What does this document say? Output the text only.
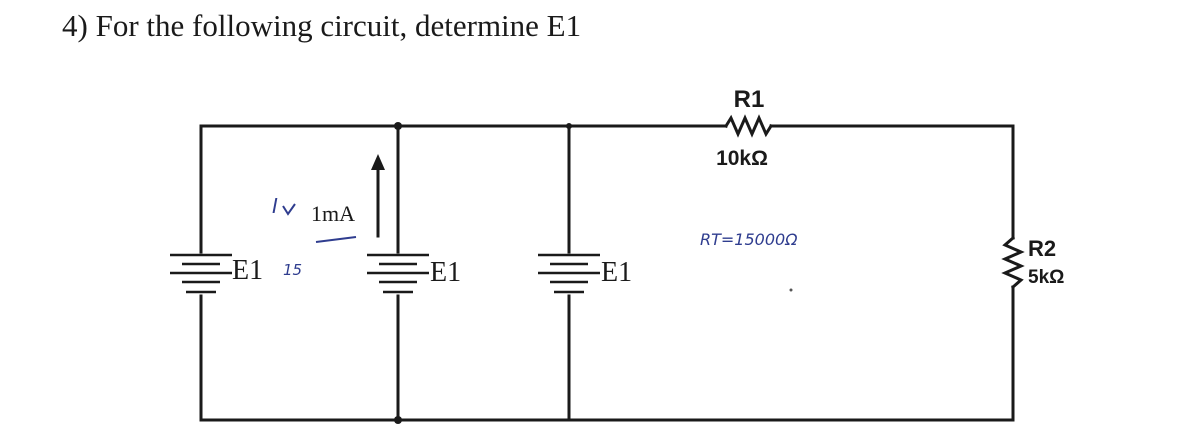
4) For the following circuit, determine E1
R1
10kΩ
R2
5kΩ
E1	E1	E1
1mA
I
15
RT=15000Ω
